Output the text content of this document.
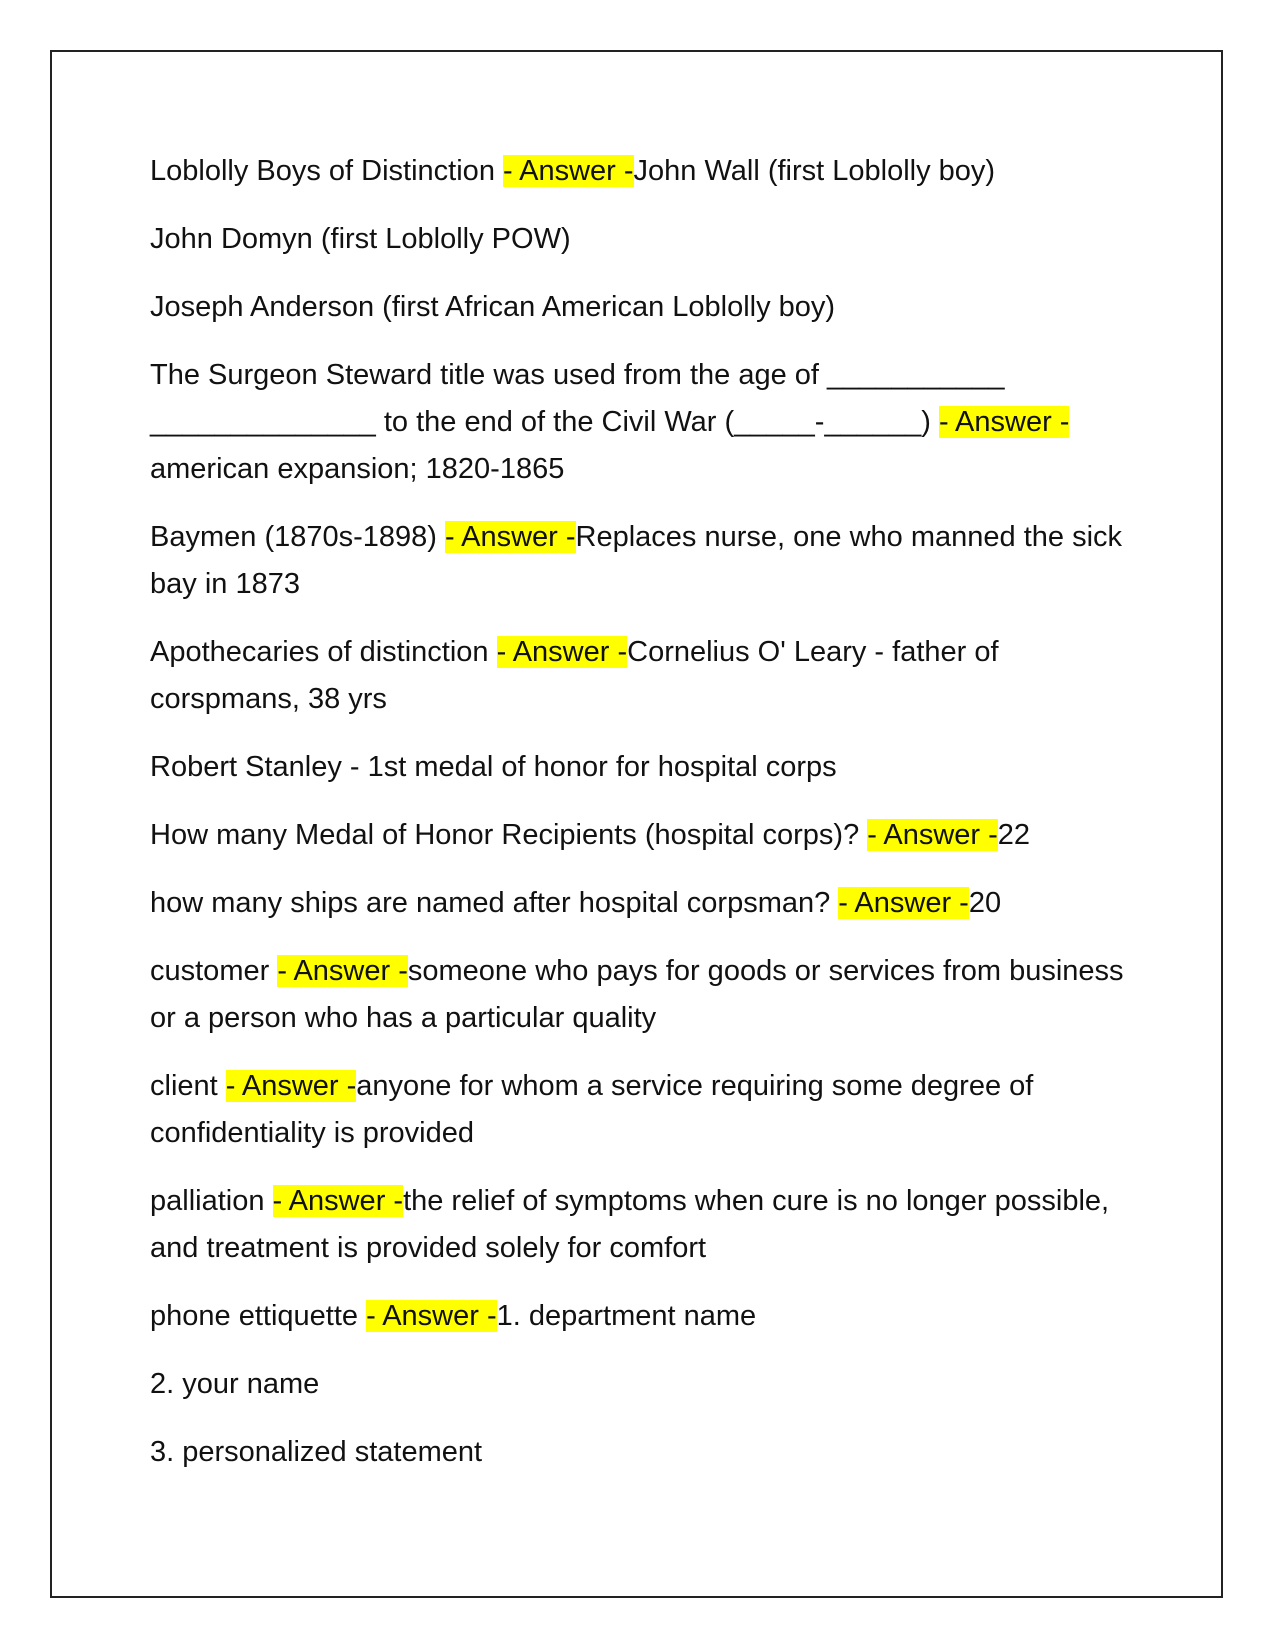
Loblolly Boys of Distinction - Answer -John Wall (first Loblolly boy)

John Domyn (first Loblolly POW)

Joseph Anderson (first African American Loblolly boy)

The Surgeon Steward title was used from the age of ___________ ______________ to the end of the Civil War (_____-______) - Answer -american expansion; 1820-1865

Baymen (1870s-1898) - Answer -Replaces nurse, one who manned the sick bay in 1873

Apothecaries of distinction - Answer -Cornelius O' Leary - father of corspmans, 38 yrs

Robert Stanley - 1st medal of honor for hospital corps

How many Medal of Honor Recipients (hospital corps)? - Answer -22

how many ships are named after hospital corpsman? - Answer -20

customer - Answer -someone who pays for goods or services from business or a person who has a particular quality

client - Answer -anyone for whom a service requiring some degree of confidentiality is provided

palliation - Answer -the relief of symptoms when cure is no longer possible, and treatment is provided solely for comfort

phone ettiquette - Answer -1. department name

2. your name

3. personalized statement
